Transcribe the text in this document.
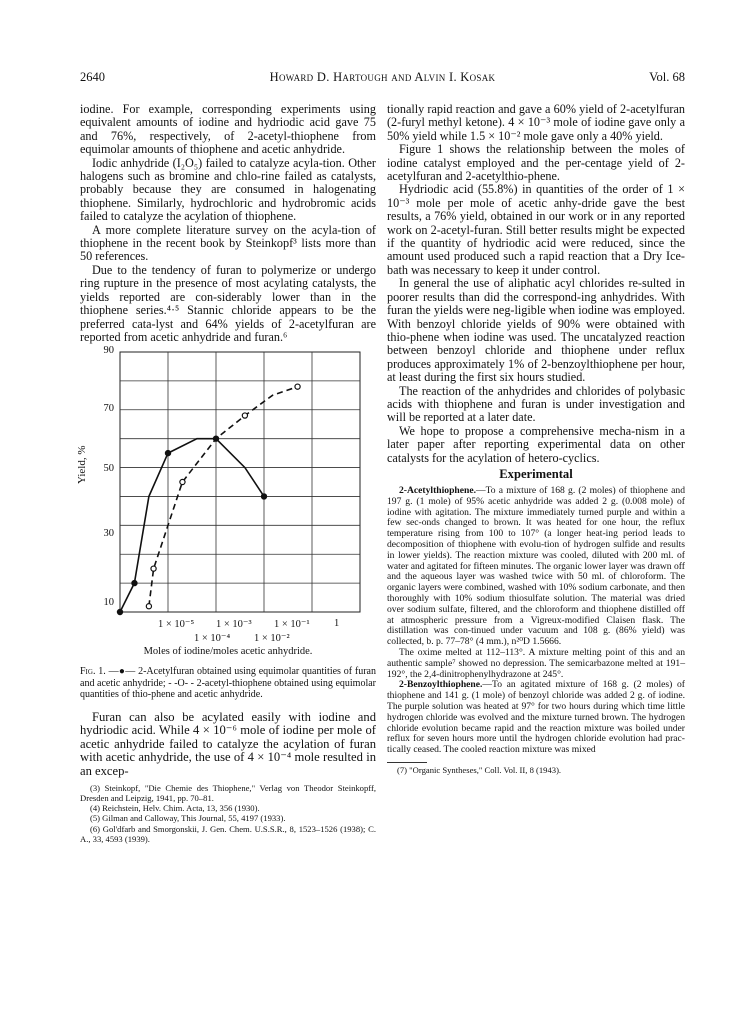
2640	Howard D. Hartough and Alvin I. Kosak	Vol. 68

iodine. For example, corresponding experiments using equivalent amounts of iodine and hydriodic acid gave 75 and 76%, respectively, of 2-acetyl-thiophene from equimolar amounts of thiophene and acetic anhydride.

Iodic anhydride (I₂O₅) failed to catalyze acyla-tion. Other halogens such as bromine and chlo-rine failed as catalysts, probably because they are consumed in halogenating thiophene. Similarly, hydrochloric and hydrobromic acids failed to catalyze the acylation of thiophene.

A more complete literature survey on the acyla-tion of thiophene in the recent book by Steinkopf³ lists more than 50 references.

Due to the tendency of furan to polymerize or undergo ring rupture in the presence of most acylating catalysts, the yields reported are con-siderably lower than in the thiophene series.⁴·⁵ Stannic chloride appears to be the preferred cata-lyst and 64% yields of 2-acetylfuran are reported from acetic anhydride and furan.⁶

90
70
50
30
10
Yield, %
1 × 10⁻⁵ 1 × 10⁻³ 1 × 10⁻¹ 1
1 × 10⁻⁴ 1 × 10⁻²
Moles of iodine/moles acetic anhydride.
Fig. 1. —●— 2-Acetylfuran obtained using equimolar quantities of furan and acetic anhydride; - -O- - 2-acetyl-thiophene obtained using equimolar quantities of thio-phene and acetic anhydride.

Furan can also be acylated easily with iodine and hydriodic acid. While 4 × 10⁻⁶ mole of iodine per mole of acetic anhydride failed to catalyze the acylation of furan with acetic anhydride, the use of 4 × 10⁻⁴ mole resulted in an excep-

(3) Steinkopf, "Die Chemie des Thiophene," Verlag von Theodor Steinkopff, Dresden and Leipzig, 1941, pp. 70–81.

(4) Reichstein, Helv. Chim. Acta, 13, 356 (1930).

(5) Gilman and Calloway, This Journal, 55, 4197 (1933).

(6) Gol'dfarb and Smorgonskii, J. Gen. Chem. U.S.S.R., 8, 1523–1526 (1938); C. A., 33, 4593 (1939).

tionally rapid reaction and gave a 60% yield of 2-acetylfuran (2-furyl methyl ketone). 4 × 10⁻³ mole of iodine gave only a 50% yield while 1.5 × 10⁻² mole gave only a 40% yield.

Figure 1 shows the relationship between the moles of iodine catalyst employed and the per-centage yield of 2-acetylfuran and 2-acetylthio-phene.

Hydriodic acid (55.8%) in quantities of the order of 1 × 10⁻³ mole per mole of acetic anhy-dride gave the best results, a 76% yield, obtained in our work or in any reported work on 2-acetyl-furan. Still better results might be expected if the quantity of hydriodic acid were reduced, since the amount used produced such a rapid reaction that a Dry Ice-bath was necessary to keep it under control.

In general the use of aliphatic acyl chlorides re-sulted in poorer results than did the correspond-ing anhydrides. With furan the yields were neg-ligible when iodine was employed. With benzoyl chloride yields of 90% were obtained with thio-phene when iodine was used. The uncatalyzed reaction between benzoyl chloride and thiophene under reflux produces approximately 1% of 2-benzoylthiophene per hour, at least during the first six hours studied.

The reaction of the anhydrides and chlorides of polybasic acids with thiophene and furan is under investigation and will be reported at a later date.

We hope to propose a comprehensive mecha-nism in a later paper after reporting experimental data on other catalysts for the acylation of hetero-cyclics.

Experimental

2-Acetylthiophene.—To a mixture of 168 g. (2 moles) of thiophene and 197 g. (1 mole) of 95% acetic anhydride was added 2 g. (0.008 mole) of iodine with agitation. The mixture immediately turned purple and within a few sec-onds changed to brown. It was heated for one hour, the reflux temperature rising from 100 to 107° (a longer heat-ing period leads to decomposition of thiophene with evolu-tion of hydrogen sulfide and results in lower yields). The reaction mixture was cooled, diluted with 200 ml. of water and agitated for fifteen minutes. The organic lower layer was drawn off and the aqueous layer was washed twice with 50 ml. of chloroform. The organic layers were combined, washed with 10% sodium carbonate, and then thoroughly with 10% sodium thiosulfate solution. The material was dried over sodium sulfate, filtered, and the chloroform and thiophene distilled off at atmospheric pressure from a Vigreux-modified Claisen flask. The distillation was con-tinued under vacuum and 108 g. (86% yield) was collected, b. p. 77–78° (4 mm.), n²⁰D 1.5666.

The oxime melted at 112–113°. A mixture melting point of this and an authentic sample⁷ showed no depression. The semicarbazone melted at 191–192°, the 2,4-dinitrophenylhydrazone at 245°.

2-Benzoylthiophene.—To an agitated mixture of 168 g. (2 moles) of thiophene and 141 g. (1 mole) of benzoyl chloride was added 2 g. of iodine. The purple solution was heated at 97° for two hours during which time little hydrogen chloride was evolved and the mixture turned brown. The hydrogen chloride evolution became rapid and the reaction mixture was boiled under reflux for seven hours more until the hydrogen chloride evolution had prac-tically ceased. The cooled reaction mixture was mixed

(7) "Organic Syntheses," Coll. Vol. II, 8 (1943).
